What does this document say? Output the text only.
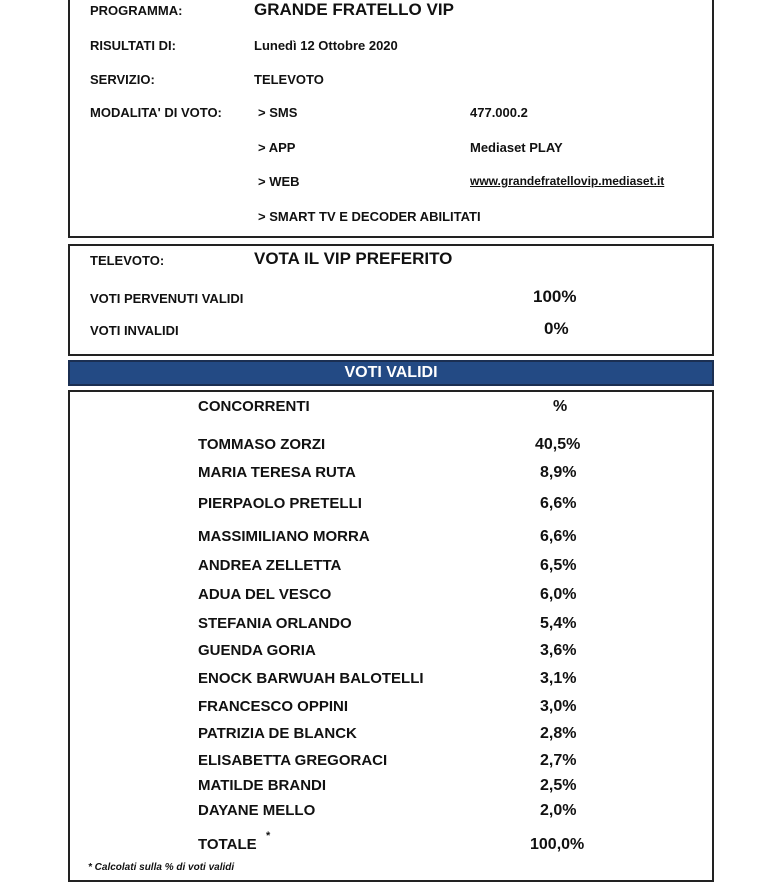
PROGRAMMA:	GRANDE FRATELLO VIP
RISULTATI DI:	Lunedì 12 Ottobre 2020
SERVIZIO:	TELEVOTO
MODALITA' DI VOTO:	> SMS	477.000.2
> APP	Mediaset PLAY
> WEB	www.grandefratellovip.mediaset.it
> SMART TV E DECODER ABILITATI
TELEVOTO:	VOTA IL VIP PREFERITO
VOTI PERVENUTI VALIDI	100%
VOTI INVALIDI	0%
VOTI VALIDI
CONCORRENTI	%
TOMMASO ZORZI	40,5%
MARIA TERESA RUTA	8,9%
PIERPAOLO PRETELLI	6,6%
MASSIMILIANO MORRA	6,6%
ANDREA ZELLETTA	6,5%
ADUA DEL VESCO	6,0%
STEFANIA ORLANDO	5,4%
GUENDA GORIA	3,6%
ENOCK BARWUAH BALOTELLI	3,1%
FRANCESCO OPPINI	3,0%
PATRIZIA DE BLANCK	2,8%
ELISABETTA GREGORACI	2,7%
MATILDE BRANDI	2,5%
DAYANE MELLO	2,0%
TOTALE *	100,0%
* Calcolati sulla % di voti validi
